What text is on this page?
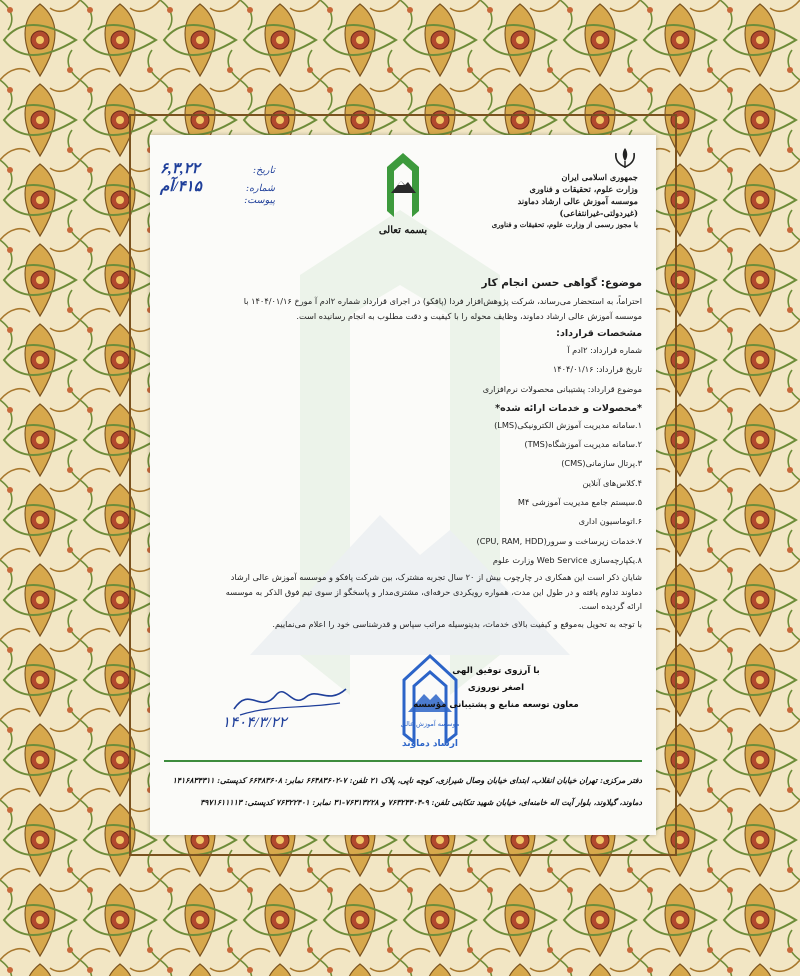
جمهوری اسلامی ایران
وزارت علوم، تحقیقات و فناوری
موسسه آموزش عالی ارشاد دماوند
(غیردولتی-غیرانتفاعی)
با مجوز رسمی از وزارت علوم، تحقیقات و فناوری
بسمه تعالی
تاریخ:
۶,۳,۲۲
شماره:
۴۱۵/آم
پیوست:
موضوع: گواهی حسن انجام کار
احتراماً، به استحضار می‌رساند، شرکت پژوهش‌افزار فردا (پافکو) در اجرای قرارداد شماره ۲ادم آ مورخ ۱۴۰۴/۰۱/۱۶ با
موسسه آموزش عالی ارشاد دماوند، وظایف محوله را با کیفیت و دقت مطلوب به انجام رسانیده است.
مشخصات قرارداد:
شماره قرارداد: ۲ادم آ
تاریخ قرارداد: ۱۴۰۴/۰۱/۱۶
موضوع قرارداد: پشتیبانی محصولات نرم‌افزاری
*محصولات و خدمات ارائه شده*
۱.سامانه مدیریت آموزش الکترونیکی(LMS)
۲.سامانه مدیریت آموزشگاه(TMS)
۳.پرتال سازمانی(CMS)
۴.کلاس‌های آنلاین
۵.سیستم جامع مدیریت آموزشی M۴
۶.اتوماسیون اداری
۷.خدمات زیرساخت و سرور(CPU, RAM, HDD)
۸.یکپارچه‌سازی Web Service وزارت علوم
شایان ذکر است این همکاری در چارچوب بیش از ۲۰ سال تجربه مشترک، بین شرکت پافکو و موسسه آموزش عالی ارشاد
دماوند تداوم یافته و در طول این مدت، همواره رویکردی حرفه‌ای، مشتری‌مدار و پاسخگو از سوی تیم فوق الذکر به موسسه
ارائه گردیده است.
با توجه به تحویل به‌موقع و کیفیت بالای خدمات، بدینوسیله مراتب سپاس و قدرشناسی خود را اعلام می‌نماییم.
موسسه آموزش عالی
ارشاد دماوند
با آرزوی توفیق الهی
اصغر نوروزی
معاون توسعه منابع و پشتیبانی مؤسسه
۱۴۰۴/۳/۲۲
دفتر مرکزی: تهران خیابان انقلاب، ابتدای خیابان وصال شیرازی، کوچه ناپی، پلاک ۲۱ تلفن: ۷-۶۶۴۸۳۶۰۲ نمابر: ۶۶۴۸۳۶۰۸ کدپستی: ۱۴۱۶۸۳۴۳۱۱
دماوند، گیلاوند، بلوار آیت اله خامنه‌ای، خیابان شهید تنکابنی تلفن: ۹-۷۶۳۲۴۴۰۴ و ۷۶۳۱۳۲۲۸-۳۱ نمابر: ۷۶۳۲۲۴۰۱ کدپستی: ۳۹۷۱۶۱۱۱۱۳
